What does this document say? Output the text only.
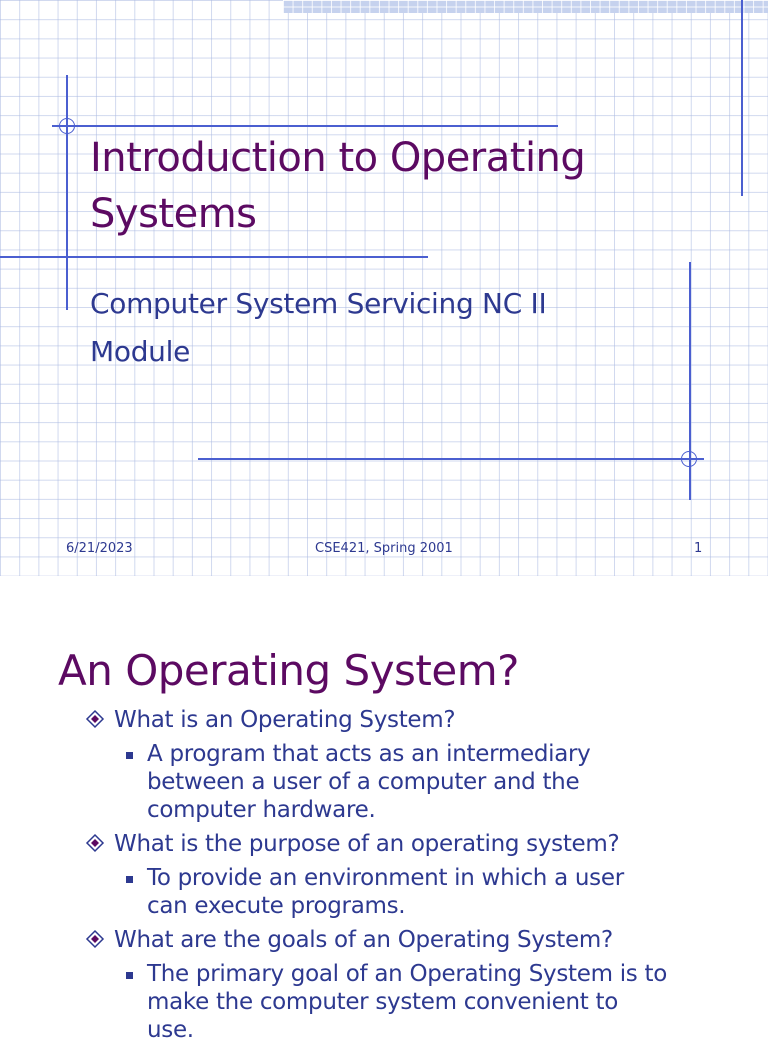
Introduction to Operating Systems
Computer System Servicing NC II Module
6/21/2023	CSE421, Spring 2001	1
An Operating System?
What is an Operating System?
A program that acts as an intermediary between a user of a computer and the computer hardware.
What is the purpose of an operating system?
To provide an environment in which a user can execute programs.
What are the goals of an Operating System?
The primary goal of an Operating System is to make the computer system convenient to use.
